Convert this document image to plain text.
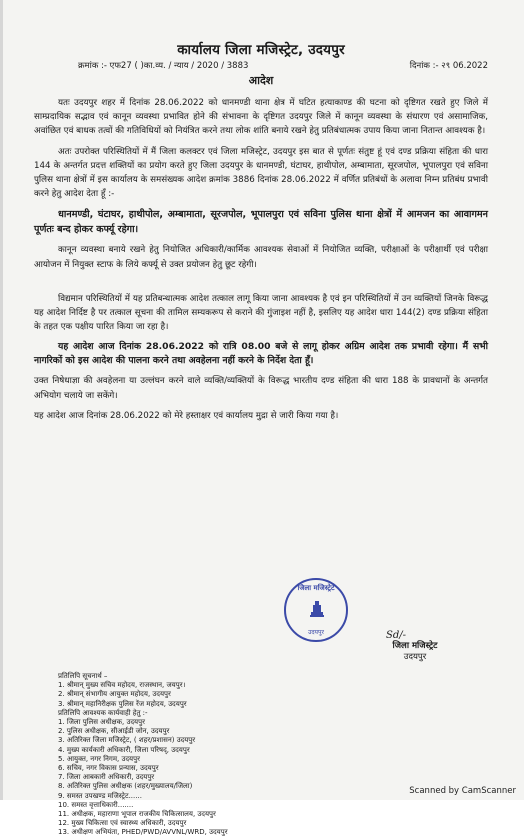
कार्यालय जिला मजिस्ट्रेट, उदयपुर
क्रमांक :- एफ27 ( )का.व्य. / न्याय / 2020 / 3883	दिनांक :- २९ 06.2022
आदेश

यतः उदयपुर शहर में दिनांक 28.06.2022 को धानमण्डी थाना क्षेत्र में घटित हत्याकाण्ड की घटना को दृष्टिगत रखते हुए जिले में साम्प्रदायिक सद्भाव एवं कानून व्यवस्था प्रभावित होने की संभावना के दृष्टिगत उदयपुर जिले में कानून व्यवस्था के संधारण एवं असामाजिक, अवांछित एवं बाधक तत्वों की गतिविधियों को नियंत्रित करने तथा लोक शांति बनाये रखने हेतु प्रतिबंधात्मक उपाय किया जाना नितान्त आवश्यक है।

अतः उपरोक्त परिस्थितियों में मैं जिला कलक्टर एवं जिला मजिस्ट्रेट, उदयपुर इस बात से पूर्णतः संतुष्ट हूं एवं दण्ड प्रक्रिया संहिता की धारा 144 के अन्तर्गत प्रदत्त शक्तियों का प्रयोग करते हुए जिला उदयपुर के धानमण्डी, घंटाघर, हाथीपोल, अम्बामाता, सूरजपोल, भूपालपुरा एवं सविना पुलिस थाना क्षेत्रों में इस कार्यालय के समसंख्यक आदेश क्रमांक 3886 दिनांक 28.06.2022 में वर्णित प्रतिबंधों के अलावा निम्न प्रतिबंध प्रभावी करने हेतु आदेश देता हूँ :-

धानमण्डी, घंटाघर, हाथीपोल, अम्बामाता, सूरजपोल, भूपालपुरा एवं सविना पुलिस थाना क्षेत्रों में आमजन का आवागमन पूर्णतः बन्द होकर कर्फ्यू रहेगा।

कानून व्यवस्था बनाये रखने हेतु नियोजित अधिकारी/कार्मिक आवश्यक सेवाओं में नियोजित व्यक्ति, परीक्षाओं के परीक्षार्थी एवं परीक्षा आयोजन में नियुक्त स्टाफ के लिये कर्फ्यू से उक्त प्रयोजन हेतु छूट रहेगी।

विद्यमान परिस्थितियों में यह प्रतिबन्धात्मक आदेश तत्काल लागू किया जाना आवश्यक है एवं इन परिस्थितियों में उन व्यक्तियों जिनके विरूद्ध यह आदेश निर्दिष्ट है पर तत्काल सूचना की तामिल सम्यकरूप से कराने की गुंजाइश नहीं है, इसलिए यह आदेश धारा 144(2) दण्ड प्रक्रिया संहिता के तहत एक पक्षीय पारित किया जा रहा है।

यह आदेश आज दिनांक 28.06.2022 को रात्रि 08.00 बजे से लागू होकर अग्रिम आदेश तक प्रभावी रहेगा। मैं सभी नागरिकों को इस आदेश की पालना करने तथा अवहेलना नहीं करने के निर्देश देता हूँ।

उक्त निषेधाज्ञा की अवहेलना या उल्लंघन करने वाले व्यक्ति/व्यक्तियों के विरूद्ध भारतीय दण्ड संहिता की धारा 188 के प्रावधानों के अन्तर्गत अभियोग चलाये जा सकेंगे।

यह आदेश आज दिनांक 28.06.2022 को मेरे हस्ताक्षर एवं कार्यालय मुद्रा से जारी किया गया है।

जिला मजिस्ट्रेट
उदयपुर	Sd/-
जिला मजिस्ट्रेट
उदयपुर

प्रतिलिपि सूचनार्थ –

1. श्रीमान् मुख्य सचिव महोदय, राजस्थान, जयपुर।

2. श्रीमान् संभागीय आयुक्त महोदय, उदयपुर

3. श्रीमान् महानिरीक्षक पुलिस रेंज महोदय, उदयपुर

प्रतिलिपि आवश्यक कार्यवाही हेतु :-

1. जिला पुलिस अधीक्षक, उदयपुर

2. पुलिस अधीक्षक, सीआईडी जोन, उदयपुर

3. अतिरिक्त जिला मजिस्ट्रेट, ( शहर/प्रशासन) उदयपुर

4. मुख्य कार्यकारी अधिकारी, जिला परिषद्, उदयपुर

5. आयुक्त, नगर निगम, उदयपुर

6. सचिव, नगर विकास प्रन्यास, उदयपुर

7. जिला आबकारी अधिकारी, उदयपुर

8. अतिरिक्त पुलिस अधीक्षक (शहर/मुख्यालय/जिला)

9. समस्त उपखण्ड मजिस्ट्रेट......

10. समस्त वृत्ताधिकारी.......

11. अधीक्षक, महाराणा भूपाल राजकीय चिकित्सालय, उदयपुर

12. मुख्य चिकित्सा एवं स्वास्थ्य अधिकारी, उदयपुर

13. अधीक्षण अभियंता, PHED/PWD/AVVNL/WRD, उदयपुर

Scanned by CamScanner
